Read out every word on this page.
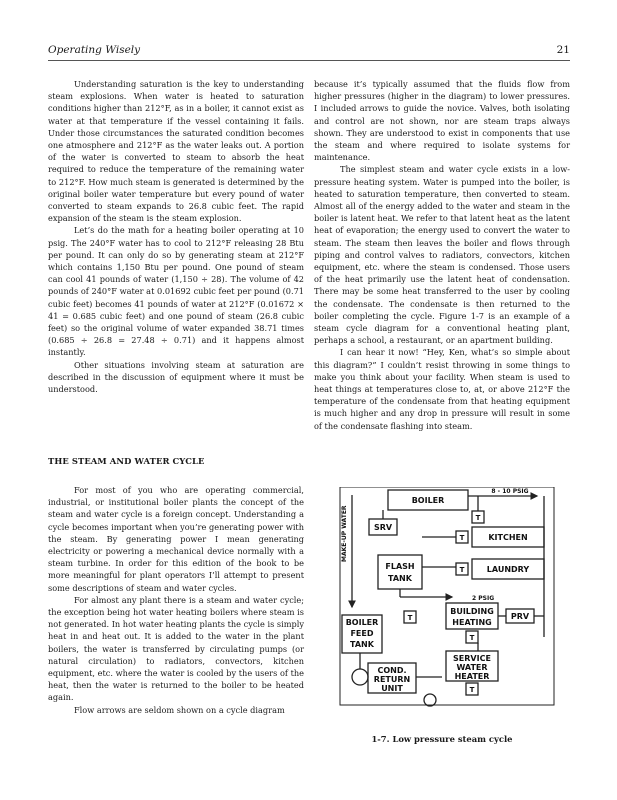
Operating Wisely	21

Understanding saturation is the key to understanding steam explosions. When water is heated to saturation conditions higher than 212°F, as in a boiler, it cannot exist as water at that temperature if the vessel containing it fails. Under those circumstances the saturated condition becomes one atmosphere and 212°F as the water leaks out. A portion of the water is converted to steam to absorb the heat required to reduce the temperature of the remaining water to 212°F. How much steam is generated is determined by the original boiler water temperature but every pound of water converted to steam expands to 26.8 cubic feet. The rapid expansion of the steam is the steam explosion.

Let’s do the math for a heating boiler operating at 10 psig. The 240°F water has to cool to 212°F releasing 28 Btu per pound. It can only do so by generating steam at 212°F which contains 1,150 Btu per pound. One pound of steam can cool 41 pounds of water (1,150 ÷ 28). The volume of 42 pounds of 240°F water at 0.01692 cubic feet per pound (0.71 cubic feet) becomes 41 pounds of water at 212°F (0.01672 × 41 = 0.685 cubic feet) and one pound of steam (26.8 cubic feet) so the original volume of water expanded 38.71 times (0.685 ÷ 26.8 = 27.48 ÷ 0.71) and it happens almost instantly.

Other situations involving steam at saturation are described in the discussion of equipment where it must be understood.

THE STEAM AND WATER CYCLE

For most of you who are operating commercial, industrial, or institutional boiler plants the concept of the steam and water cycle is a foreign concept. Understanding a cycle becomes important when you’re generating power with the steam. By generating power I mean generating electricity or powering a mechanical device normally with a steam turbine. In order for this edition of the book to be more meaningful for plant operators I’ll attempt to present some descriptions of steam and water cycles.

For almost any plant there is a steam and water cycle; the exception being hot water heating boilers where steam is not generated. In hot water heating plants the cycle is simply heat in and heat out. It is added to the water in the plant boilers, the water is transferred by circulating pumps (or natural circulation) to radiators, convectors, kitchen equipment, etc. where the water is cooled by the users of the heat, then the water is returned to the boiler to be heated again.

Flow arrows are seldom shown on a cycle diagram

because it’s typically assumed that the fluids flow from higher pressures (higher in the diagram) to lower pressures. I included arrows to guide the novice. Valves, both isolating and control are not shown, nor are steam traps always shown. They are understood to exist in components that use the steam and where required to isolate systems for maintenance.

The simplest steam and water cycle exists in a low-pressure heating system. Water is pumped into the boiler, is heated to saturation temperature, then converted to steam. Almost all of the energy added to the water and steam in the boiler is latent heat. We refer to that latent heat as the latent heat of evaporation; the energy used to convert the water to steam. The steam then leaves the boiler and flows through piping and control valves to radiators, convectors, kitchen equipment, etc. where the steam is condensed. Those users of the heat primarily use the latent heat of condensation. There may be some heat transferred to the user by cooling the condensate. The condensate is then returned to the boiler completing the cycle. Figure 1-7 is an example of a steam cycle diagram for a conventional heating plant, perhaps a school, a restaurant, or an apartment building.

I can hear it now! “Hey, Ken, what’s so simple about this diagram?” I couldn’t resist throwing in some things to make you think about your facility. When steam is used to heat things at temperatures close to, at, or above 212°F the temperature of the condensate from that heating equipment is much higher and any drop in pressure will result in some of the condensate flashing into steam.

MAKE-UP WATER
BOILER
8 - 10 PSIG
SRV
T
KITCHEN
T
FLASH
TANK
LAUNDRY
T
2 PSIG
BUILDING
HEATING
T
PRV
BOILER
FEED
TANK
T
SERVICE
WATER
HEATER
T
COND.
RETURN
UNIT
1-7. Low pressure steam cycle
